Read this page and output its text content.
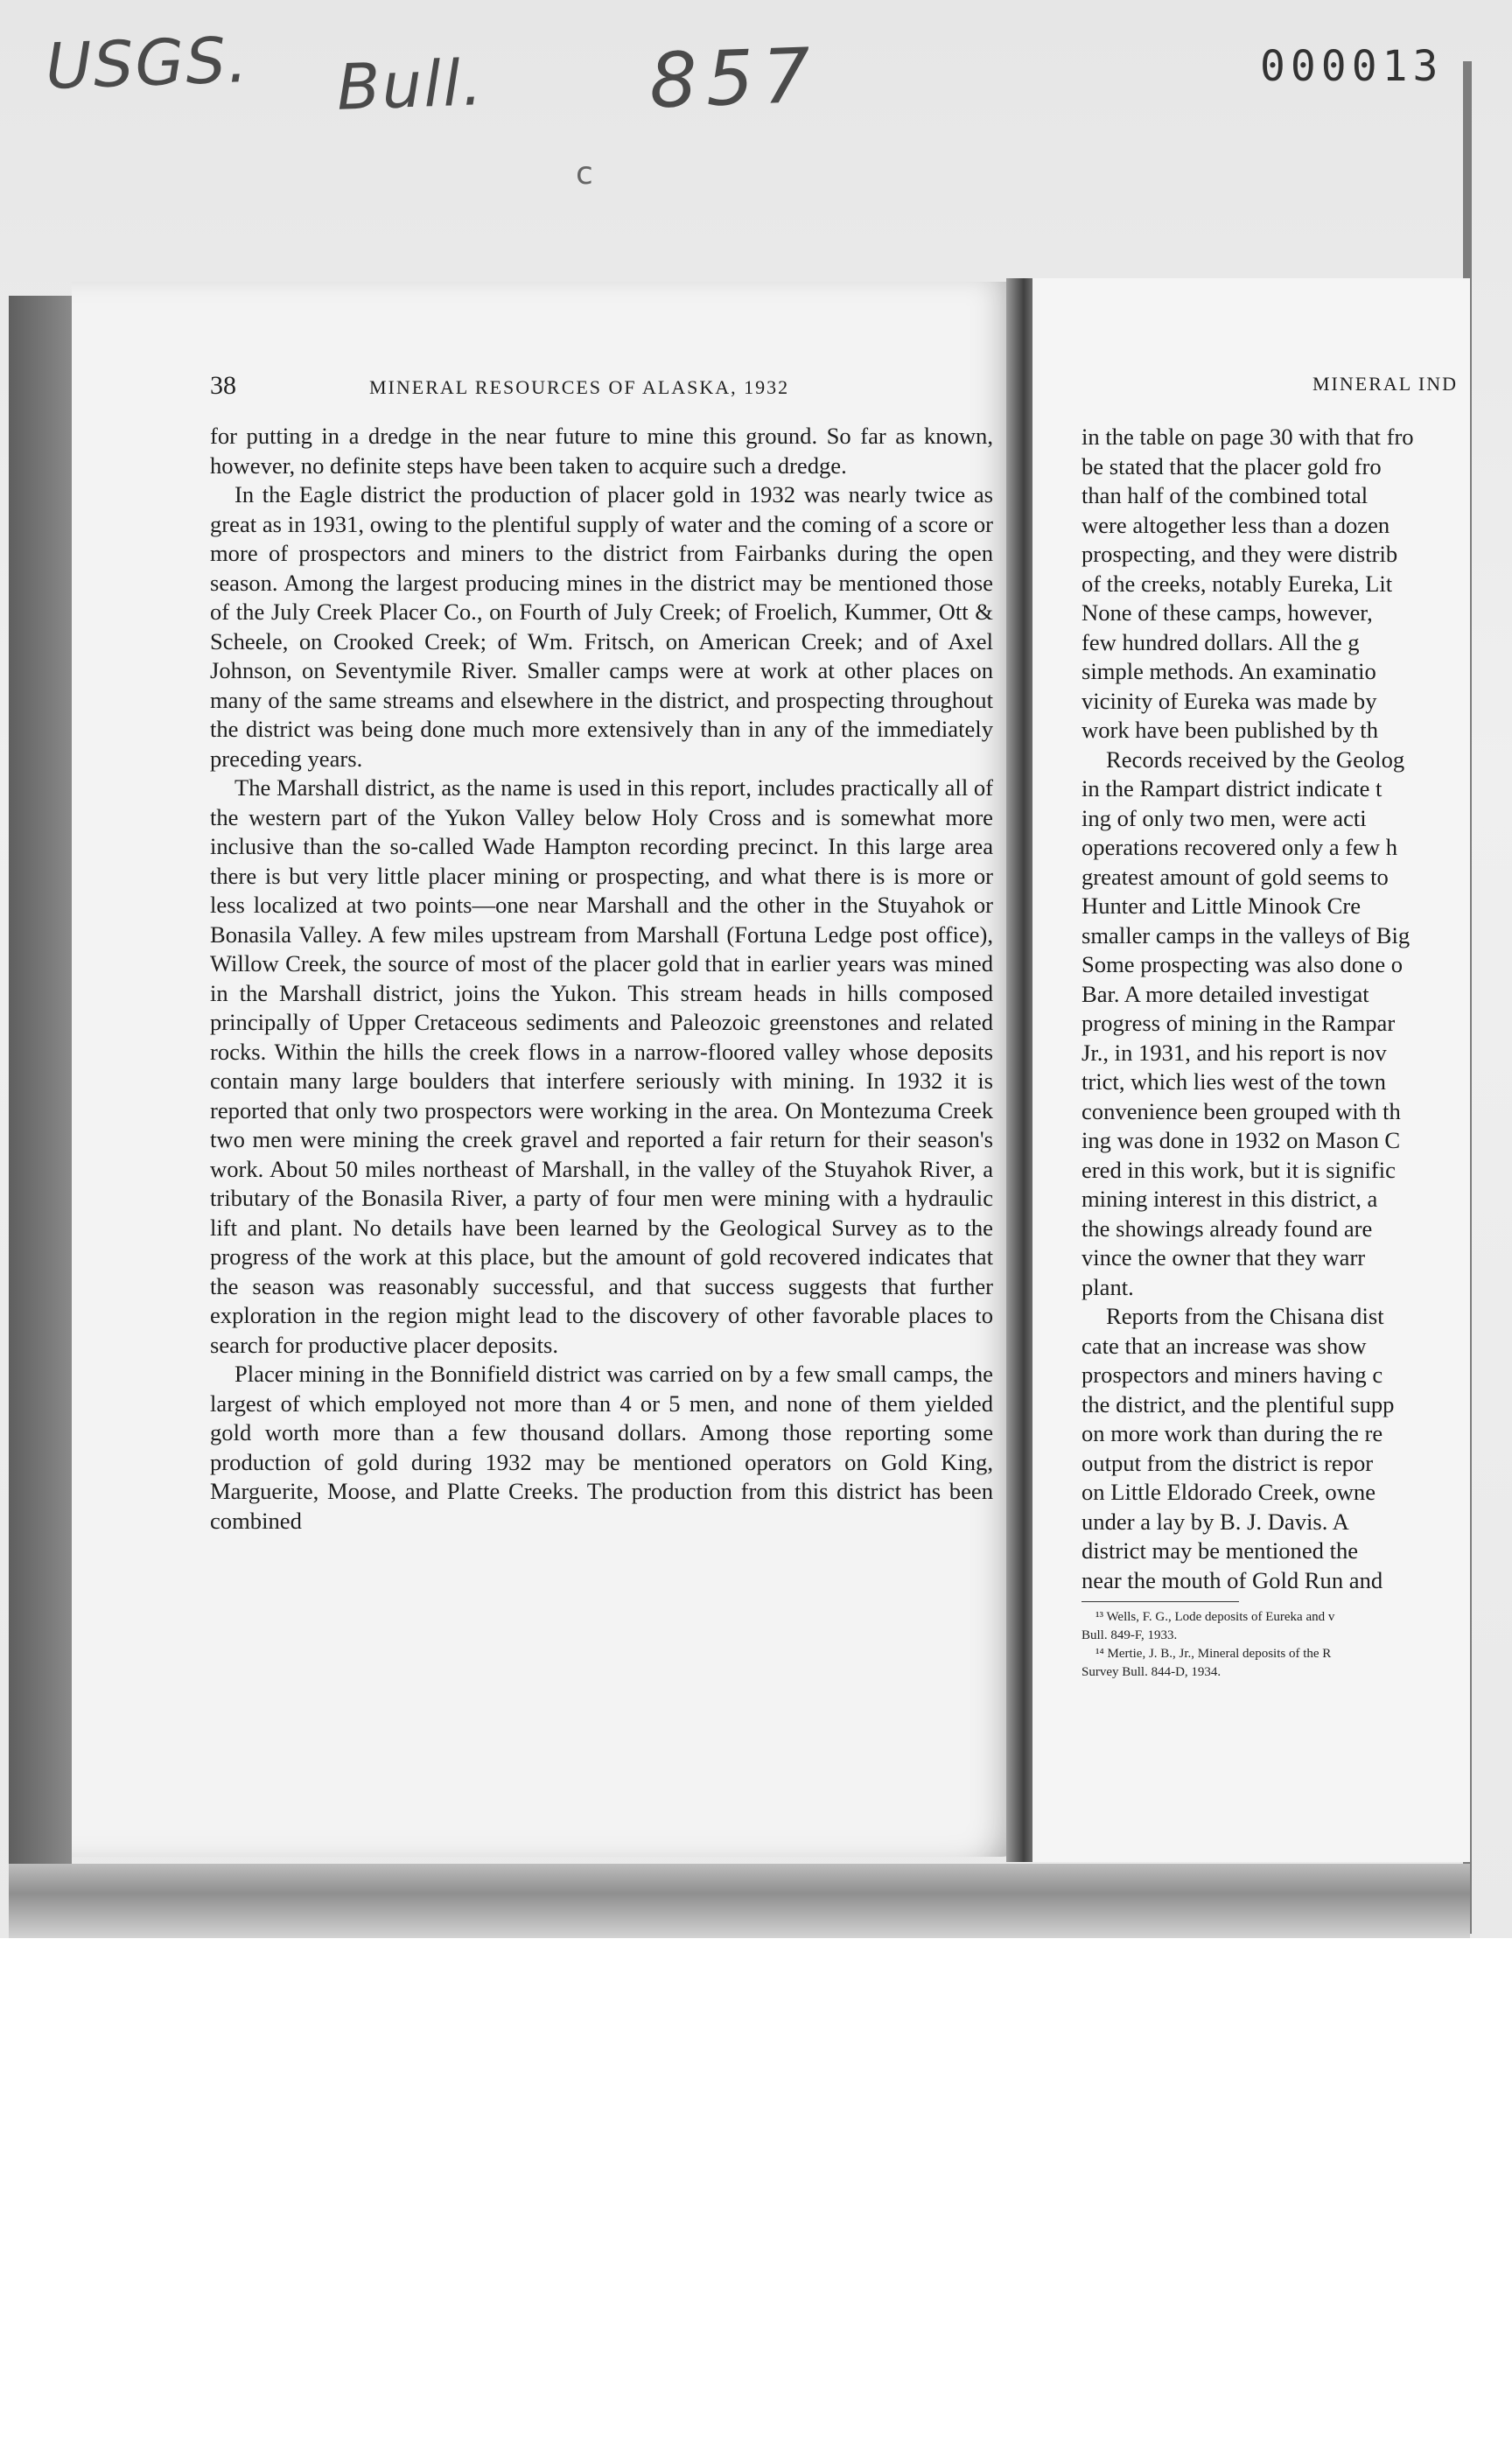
USGS. Bull. 857
c
000013
38	MINERAL RESOURCES OF ALASKA, 1932

for putting in a dredge in the near future to mine this ground. So far as known, however, no definite steps have been taken to acquire such a dredge.

In the Eagle district the production of placer gold in 1932 was nearly twice as great as in 1931, owing to the plentiful supply of water and the coming of a score or more of prospectors and miners to the district from Fairbanks during the open season. Among the largest producing mines in the district may be mentioned those of the July Creek Placer Co., on Fourth of July Creek; of Froelich, Kummer, Ott & Scheele, on Crooked Creek; of Wm. Fritsch, on American Creek; and of Axel Johnson, on Seventymile River. Smaller camps were at work at other places on many of the same streams and elsewhere in the district, and prospecting throughout the district was being done much more extensively than in any of the immediately preceding years.

The Marshall district, as the name is used in this report, includes practically all of the western part of the Yukon Valley below Holy Cross and is somewhat more inclusive than the so-called Wade Hampton recording precinct. In this large area there is but very little placer mining or prospecting, and what there is is more or less localized at two points—one near Marshall and the other in the Stuyahok or Bonasila Valley. A few miles upstream from Marshall (Fortuna Ledge post office), Willow Creek, the source of most of the placer gold that in earlier years was mined in the Marshall district, joins the Yukon. This stream heads in hills composed principally of Upper Cretaceous sediments and Paleozoic greenstones and related rocks. Within the hills the creek flows in a narrow-floored valley whose deposits contain many large boulders that interfere seriously with mining. In 1932 it is reported that only two prospectors were working in the area. On Montezuma Creek two men were mining the creek gravel and reported a fair return for their season's work. About 50 miles northeast of Marshall, in the valley of the Stuyahok River, a tributary of the Bonasila River, a party of four men were mining with a hydraulic lift and plant. No details have been learned by the Geological Survey as to the progress of the work at this place, but the amount of gold recovered indicates that the season was reasonably successful, and that success suggests that further exploration in the region might lead to the discovery of other favorable places to search for productive placer deposits.

Placer mining in the Bonnifield district was carried on by a few small camps, the largest of which employed not more than 4 or 5 men, and none of them yielded gold worth more than a few thousand dollars. Among those reporting some production of gold during 1932 may be mentioned operators on Gold King, Marguerite, Moose, and Platte Creeks. The production from this district has been combined

MINERAL IND

in the table on page 30 with that fro

be stated that the placer gold fro

than half of the combined total

were altogether less than a dozen

prospecting, and they were distrib

of the creeks, notably Eureka, Lit

None of these camps, however,

few hundred dollars. All the g

simple methods. An examinatio

vicinity of Eureka was made by

work have been published by th

Records received by the Geolog

in the Rampart district indicate t

ing of only two men, were acti

operations recovered only a few h

greatest amount of gold seems to

Hunter and Little Minook Cre

smaller camps in the valleys of Big

Some prospecting was also done o

Bar. A more detailed investigat

progress of mining in the Rampar

Jr., in 1931, and his report is nov

trict, which lies west of the town

convenience been grouped with th

ing was done in 1932 on Mason C

ered in this work, but it is signific

mining interest in this district, a

the showings already found are

vince the owner that they warr

plant.

Reports from the Chisana dist

cate that an increase was show

prospectors and miners having c

the district, and the plentiful supp

on more work than during the re

output from the district is repor

on Little Eldorado Creek, owne

under a lay by B. J. Davis. A

district may be mentioned the

near the mouth of Gold Run and

¹³ Wells, F. G., Lode deposits of Eureka and v

Bull. 849-F, 1933.

¹⁴ Mertie, J. B., Jr., Mineral deposits of the R

Survey Bull. 844-D, 1934.
